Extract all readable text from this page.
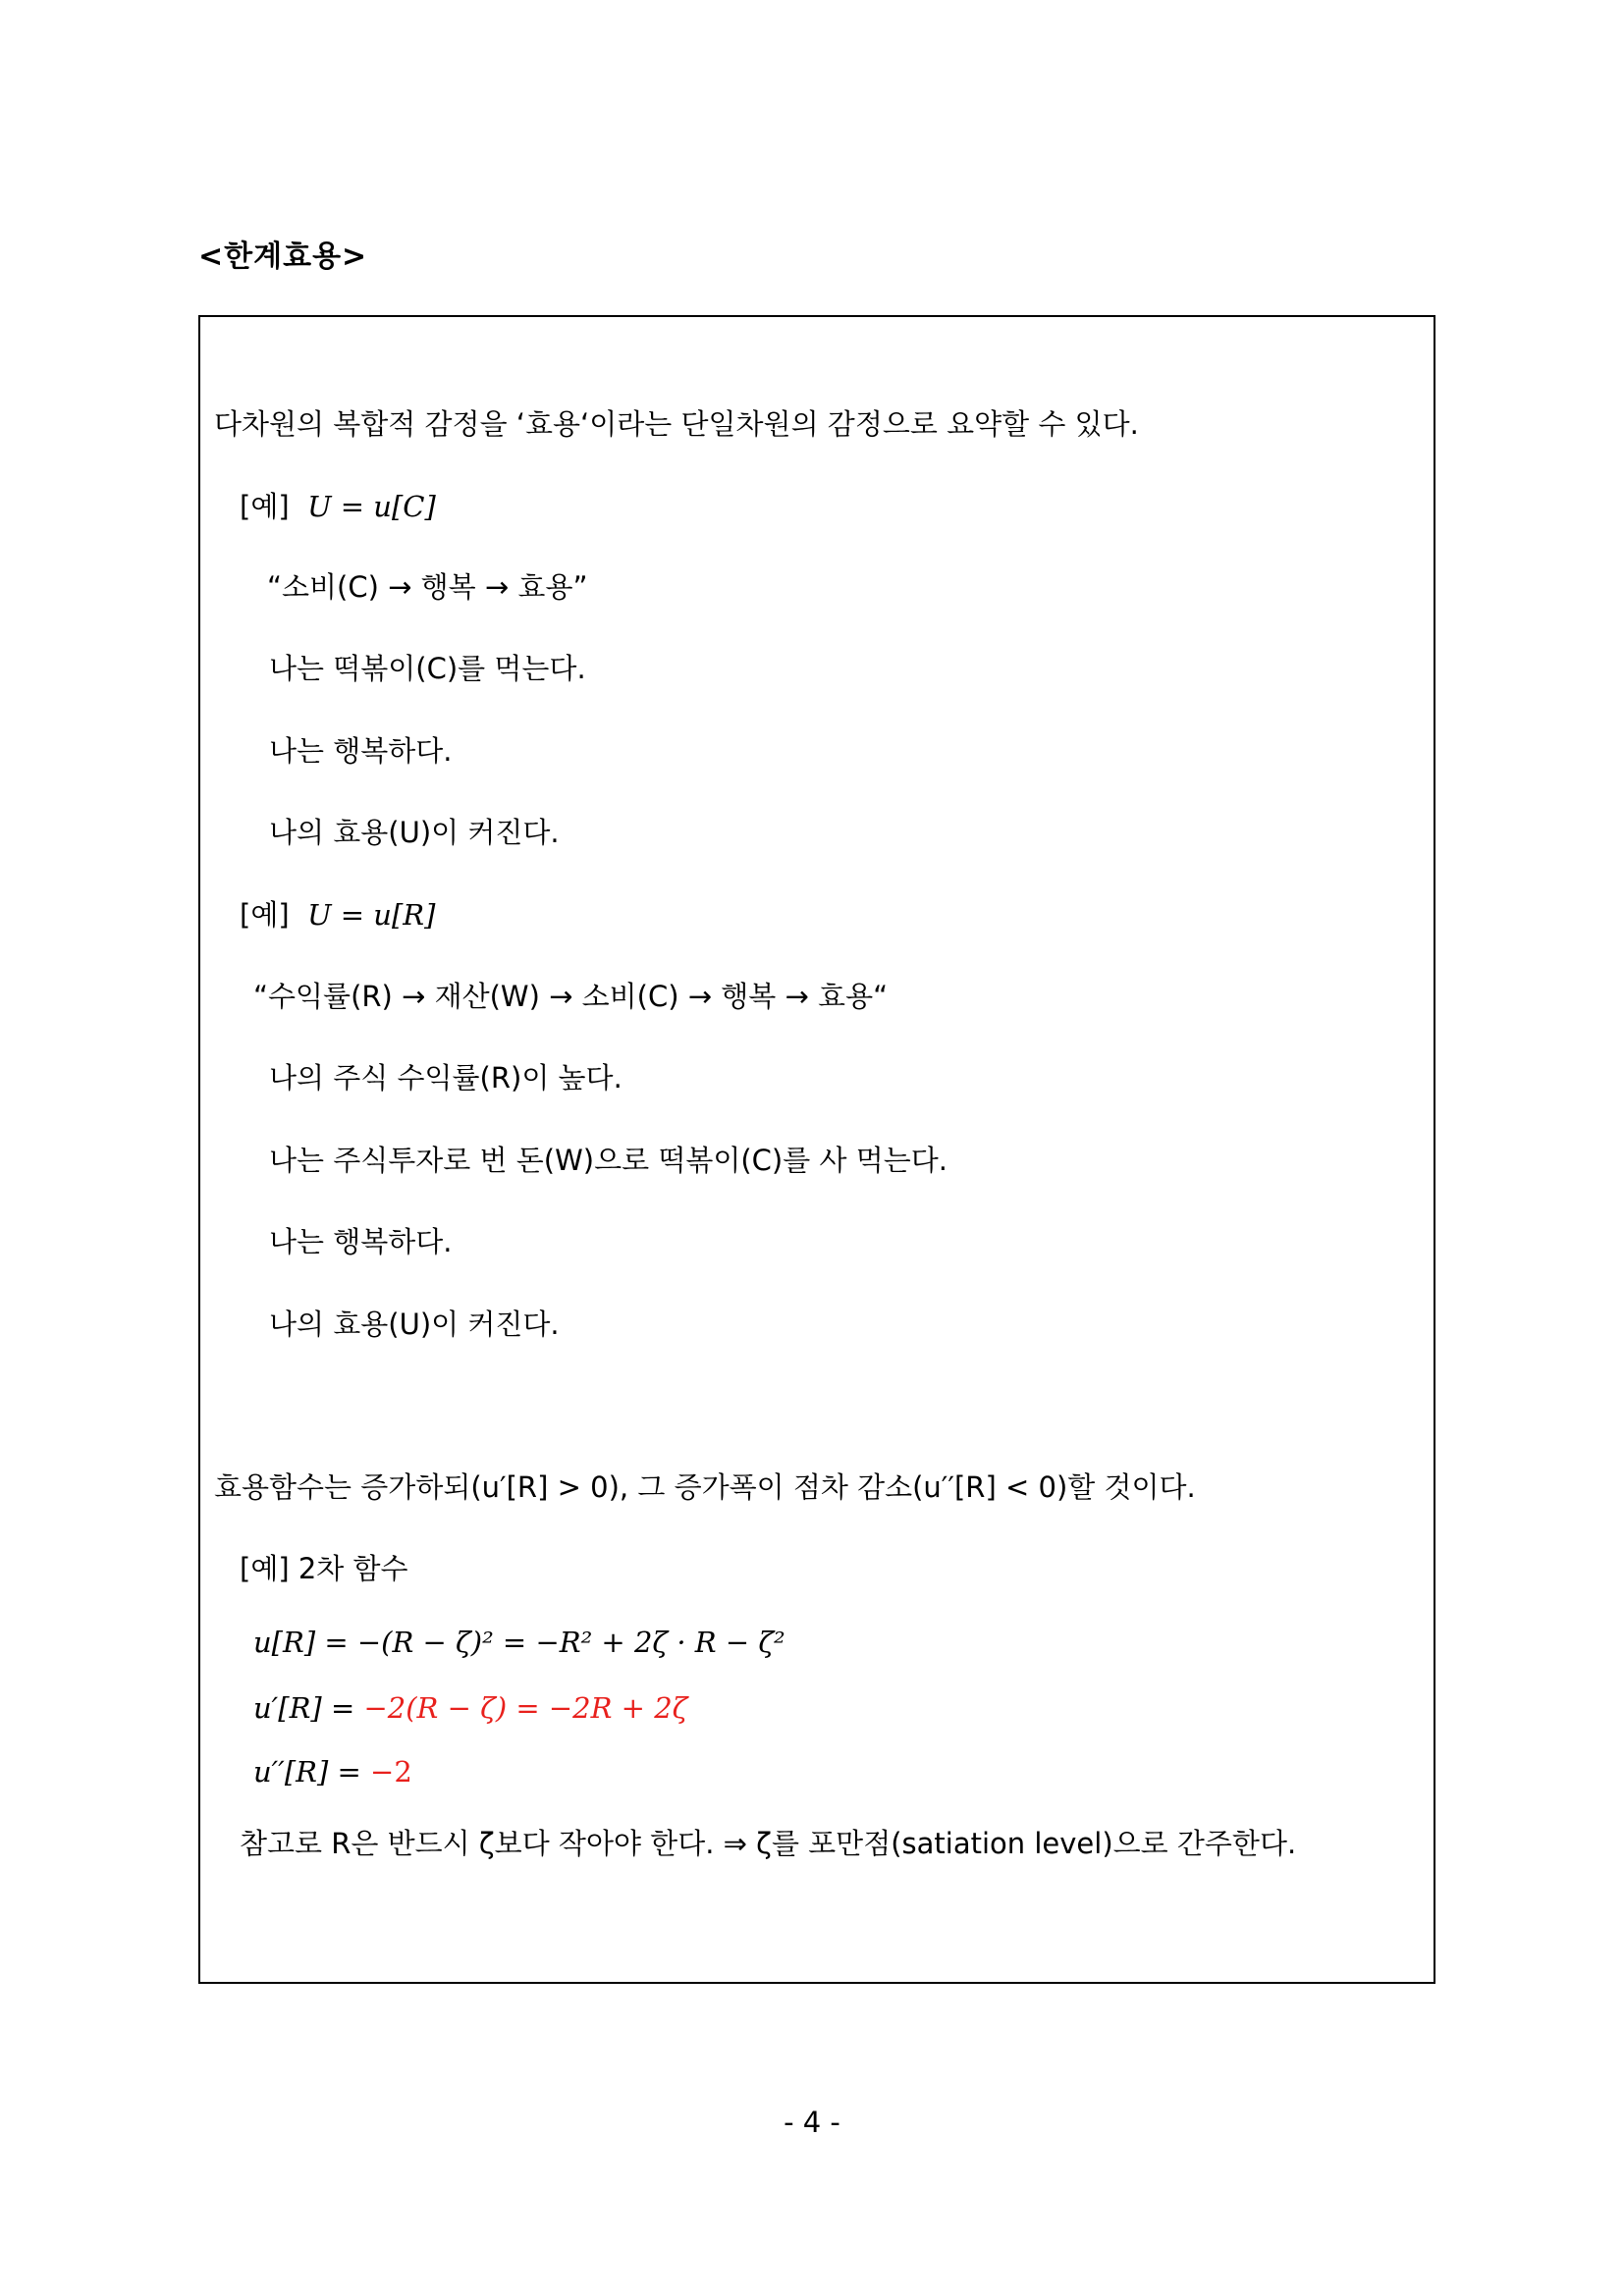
<한계효용>
다차원의 복합적 감정을 ‘효용‘이라는 단일차원의 감정으로 요약할 수 있다.
[예] U = u[C]
“소비(C) → 행복 → 효용”
나는 떡볶이(C)를 먹는다.
나는 행복하다.
나의 효용(U)이 커진다.
[예] U = u[R]
“수익률(R) → 재산(W) → 소비(C) → 행복 → 효용“
나의 주식 수익률(R)이 높다.
나는 주식투자로 번 돈(W)으로 떡볶이(C)를 사 먹는다.
나는 행복하다.
나의 효용(U)이 커진다.
효용함수는 증가하되(u′[R] > 0), 그 증가폭이 점차 감소(u′′[R] < 0)할 것이다.
[예] 2차 함수
u[R] = −(R − ζ)² = −R² + 2ζ · R − ζ²
u′[R] = −2(R − ζ) = −2R + 2ζ
u′′[R] = −2
참고로 R은 반드시 ζ보다 작아야 한다. ⇒ ζ를 포만점(satiation level)으로 간주한다.
- 4 -
